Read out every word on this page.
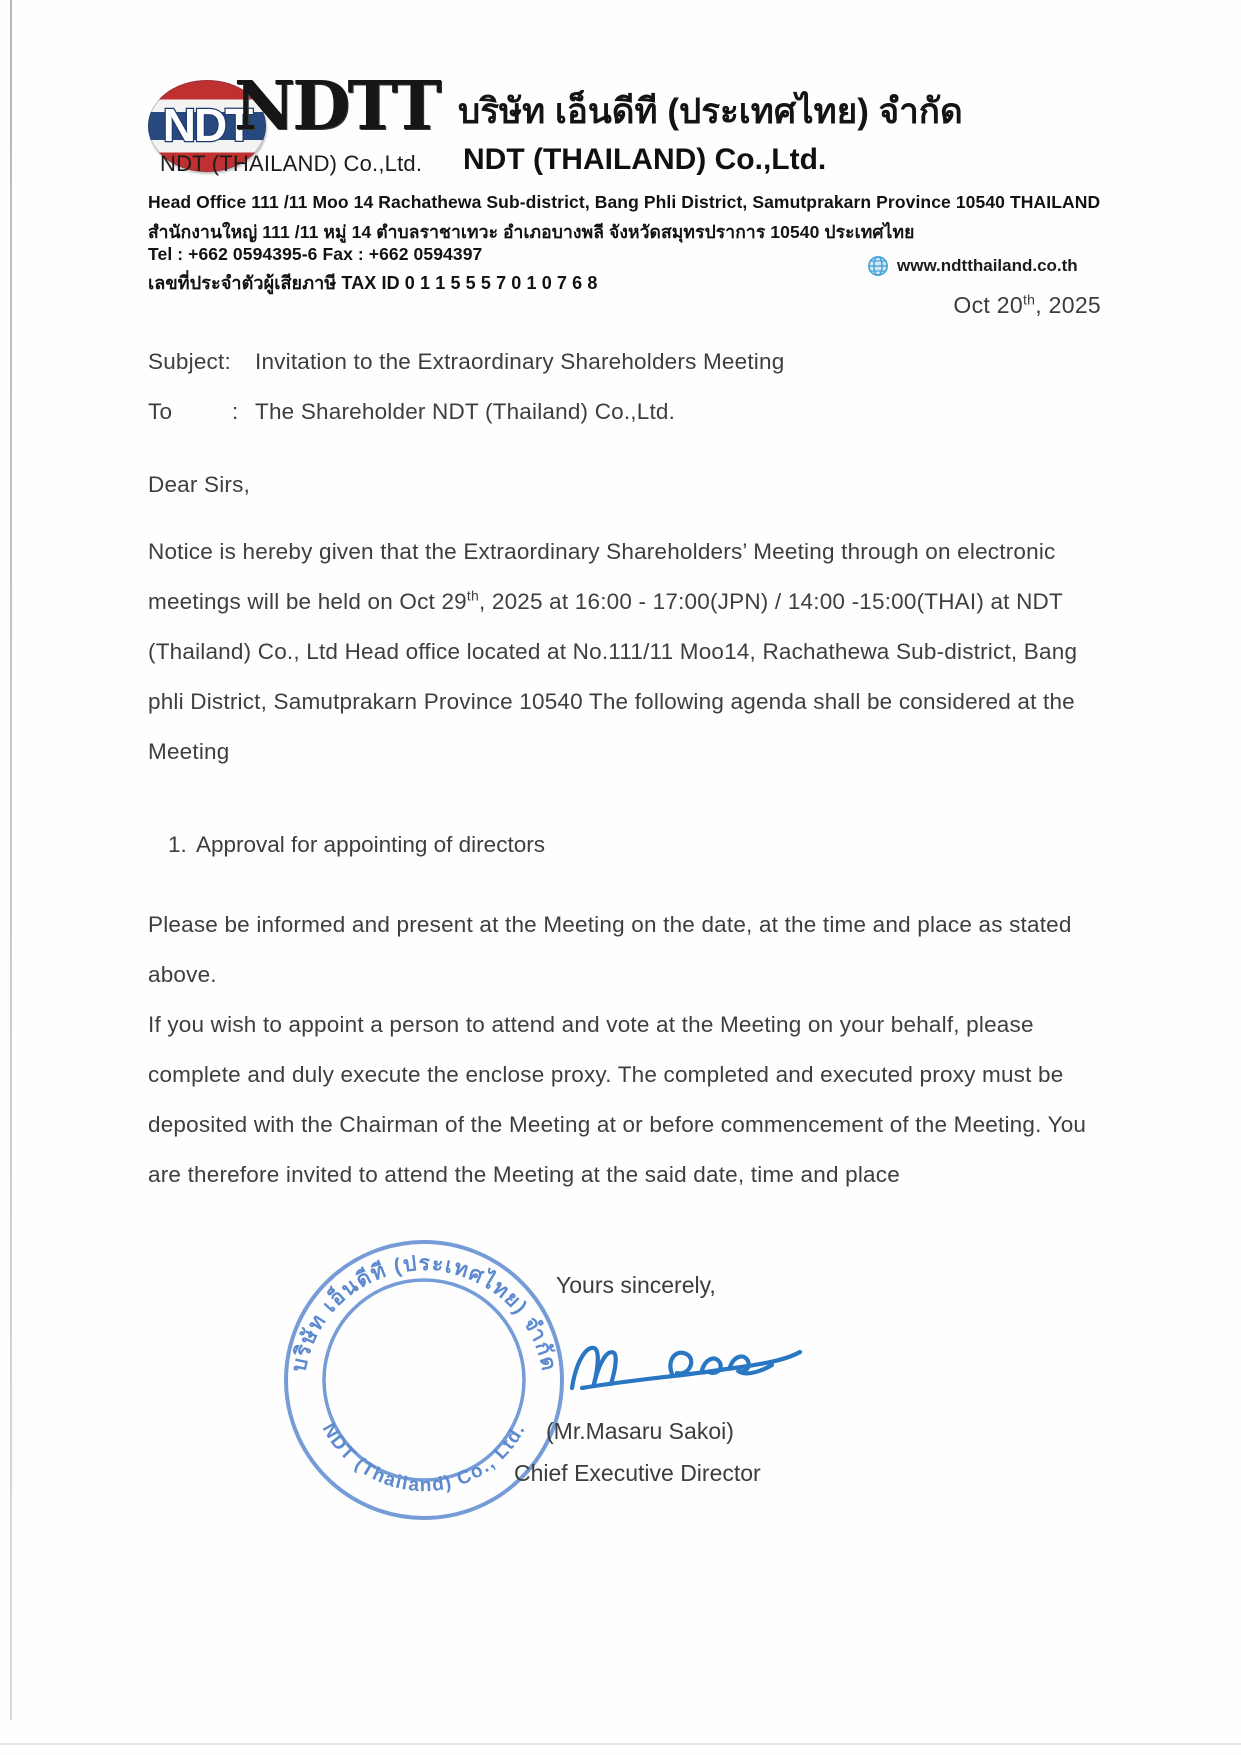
NDT
NDTT บริษัท เอ็นดีที (ประเทศไทย) จำกัด
NDT (THAILAND) Co.,Ltd. NDT (THAILAND) Co.,Ltd.
Head Office 111 /11 Moo 14 Rachathewa Sub-district, Bang Phli District, Samutprakarn Province 10540 THAILAND
สำนักงานใหญ่ 111 /11 หมู่ 14 ตำบลราชาเทวะ อำเภอบางพลี จังหวัดสมุทรปราการ 10540 ประเทศไทย
Tel : +662 0594395-6 Fax : +662 0594397
เลขที่ประจำตัวผู้เสียภาษี TAX ID 0 1 1 5 5 5 7 0 1 0 7 6 8
www.ndtthailand.co.th
Oct 20th, 2025
Subject: Invitation to the Extraordinary Shareholders Meeting
To	: The Shareholder NDT (Thailand) Co.,Ltd.
Dear Sirs,
Notice is hereby given that the Extraordinary Shareholders’ Meeting through on electronic
meetings will be held on Oct 29th, 2025 at 16:00 - 17:00(JPN) / 14:00 -15:00(THAI) at NDT
(Thailand) Co., Ltd Head office located at No.111/11 Moo14, Rachathewa Sub-district, Bang
phli District, Samutprakarn Province 10540 The following agenda shall be considered at the
Meeting
1. Approval for appointing of directors
Please be informed and present at the Meeting on the date, at the time and place as stated
above.
If you wish to appoint a person to attend and vote at the Meeting on your behalf, please
complete and duly execute the enclose proxy. The completed and executed proxy must be
deposited with the Chairman of the Meeting at or before commencement of the Meeting. You
are therefore invited to attend the Meeting at the said date, time and place
บริษัท เอ็นดีที (ประเทศไทย) จำกัด
NDT (Thailand) Co., Ltd.
Yours sincerely,
(Mr.Masaru Sakoi)
Chief Executive Director
